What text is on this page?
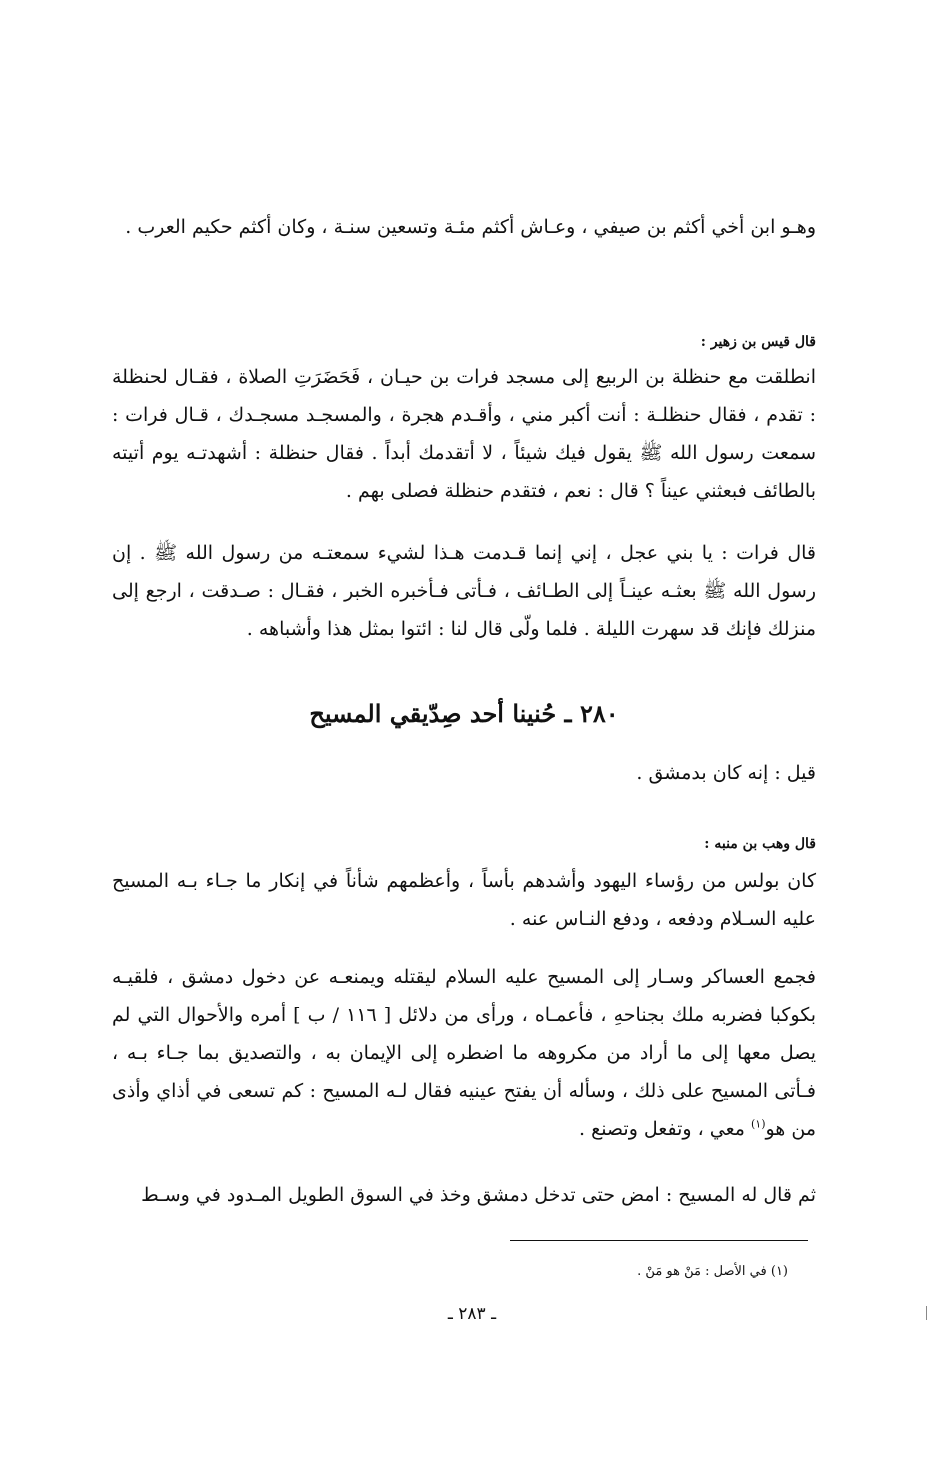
وهـو ابن أخي أكثم بن صيفي ، وعـاش أكثم مئـة وتسعين سنـة ، وكان أكثم حكيم العرب .

قال قيس بن زهير :

انطلقت مع حنظلة بن الربيع إلى مسجد فرات بن حيـان ، فَحَضَرَتِ الصلاة ، فقـال لحنظلة : تقدم ، فقال حنظلـة : أنت أكبر مني ، وأقـدم هجرة ، والمسجـد مسجـدك ، قـال فرات : سمعت رسول الله ﷺ يقول فيك شيئاً ، لا أتقدمك أبداً . فقال حنظلة : أشهدتـه يوم أتيته بالطائف فبعثني عيناً ؟ قال : نعم ، فتقدم حنظلة فصلى بهم .

قال فرات : يا بني عجل ، إني إنما قـدمت هـذا لشيء سمعتـه من رسول الله ﷺ . إن رسول الله ﷺ بعثـه عينـاً إلى الطـائف ، فـأتى فـأخبره الخبر ، فقـال : صـدقت ، ارجع إلى منزلك فإنك قد سهرت الليلة . فلما ولّى قال لنا : ائتوا بمثل هذا وأشباهه .

٢٨٠ ـ حُنينا أحد صِدّيقي المسيح
قيل : إنه كان بدمشق .
قال وهب بن منبه :

كان بولس من رؤساء اليهود وأشدهم بأساً ، وأعظمهم شأناً في إنكار ما جـاء بـه المسيح عليه السـلام ودفعه ، ودفع النـاس عنه .

فجمع العساكر وسـار إلى المسيح عليه السلام ليقتله ويمنعـه عن دخول دمشق ، فلقيـه بكوكبا فضربه ملك بجناحهِ ، فأعمـاه ، ورأى من دلائل [ ١١٦ / ب ] أمره والأحوال التي لم يصل معها إلى ما أراد من مكروهه ما اضطره إلى الإيمان به ، والتصديق بما جـاء بـه ، فـأتى المسيح على ذلك ، وسأله أن يفتح عينيه فقال لـه المسيح : كم تسعى في أذاي وأذى من هو$^{(١)}$ معي ، وتفعل وتصنع .

ثم قال له المسيح : امض حتى تدخل دمشق وخذ في السوق الطويل المـدود في وسـط

(١) في الأصل : مَنْ هو مَنْ .
ـ ٢٨٣ ـ
